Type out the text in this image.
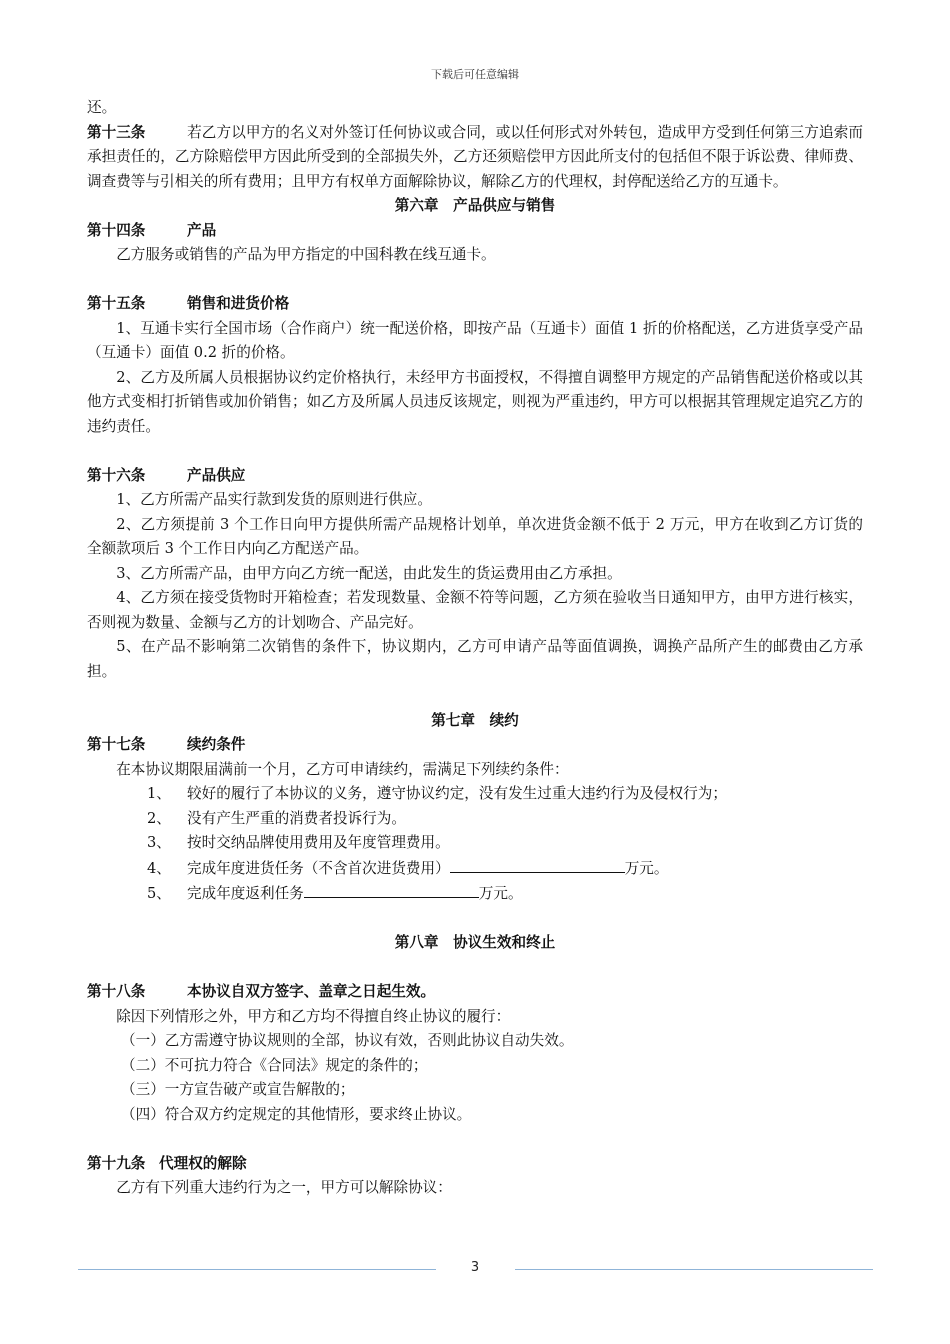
下载后可任意编辑

还。

第十三条	若乙方以甲方的名义对外签订任何协议或合同，或以任何形式对外转包，造成甲方受到任何第三方追索而承担责任的，乙方除赔偿甲方因此所受到的全部损失外，乙方还须赔偿甲方因此所支付的包括但不限于诉讼费、律师费、调查费等与引相关的所有费用；且甲方有权单方面解除协议，解除乙方的代理权，封停配送给乙方的互通卡。

第六章　产品供应与销售

第十四条	产品

乙方服务或销售的产品为甲方指定的中国科教在线互通卡。

第十五条	销售和进货价格

1、互通卡实行全国市场（合作商户）统一配送价格，即按产品（互通卡）面值 1 折的价格配送，乙方进货享受产品（互通卡）面值 0.2 折的价格。

2、乙方及所属人员根据协议约定价格执行，未经甲方书面授权，不得擅自调整甲方规定的产品销售配送价格或以其他方式变相打折销售或加价销售；如乙方及所属人员违反该规定，则视为严重违约，甲方可以根据其管理规定追究乙方的违约责任。

第十六条	产品供应

1、乙方所需产品实行款到发货的原则进行供应。

2、乙方须提前 3 个工作日向甲方提供所需产品规格计划单，单次进货金额不低于 2 万元，甲方在收到乙方订货的全额款项后 3 个工作日内向乙方配送产品。

3、乙方所需产品，由甲方向乙方统一配送，由此发生的货运费用由乙方承担。

4、乙方须在接受货物时开箱检查；若发现数量、金额不符等问题，乙方须在验收当日通知甲方，由甲方进行核实，否则视为数量、金额与乙方的计划吻合、产品完好。

5、在产品不影响第二次销售的条件下，协议期内，乙方可申请产品等面值调换，调换产品所产生的邮费由乙方承担。

第七章　续约

第十七条	续约条件

在本协议期限届满前一个月，乙方可申请续约，需满足下列续约条件：

1、 较好的履行了本协议的义务，遵守协议约定，没有发生过重大违约行为及侵权行为；

2、 没有产生严重的消费者投诉行为。

3、 按时交纳品牌使用费用及年度管理费用。

4、 完成年度进货任务（不含首次进货费用）	万元。

5、 完成年度返利任务	万元。

第八章　协议生效和终止

第十八条	本协议自双方签字、盖章之日起生效。

除因下列情形之外，甲方和乙方均不得擅自终止协议的履行：

（一）乙方需遵守协议规则的全部，协议有效，否则此协议自动失效。

（二）不可抗力符合《合同法》规定的条件的；

（三）一方宣告破产或宣告解散的；

（四）符合双方约定规定的其他情形，要求终止协议。

第十九条 代理权的解除

乙方有下列重大违约行为之一，甲方可以解除协议：

3
